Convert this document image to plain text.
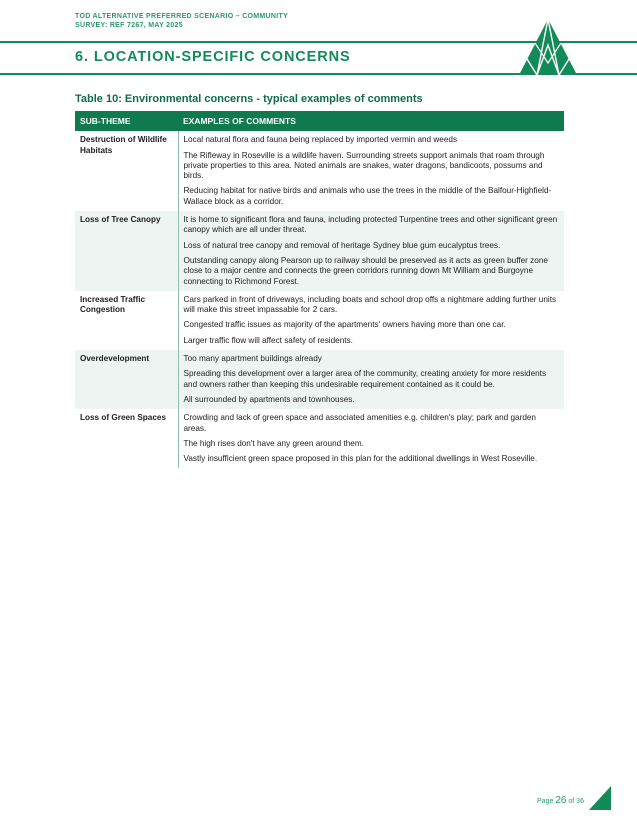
TOD ALTERNATIVE PREFERRED SCENARIO – COMMUNITY
SURVEY: REF 7267, MAY 2025
6. LOCATION-SPECIFIC CONCERNS
Table 10: Environmental concerns - typical examples of comments
SUB-THEME	EXAMPLES OF COMMENTS
Destruction of Wildlife Habitats	Local natural flora and fauna being replaced by imported vermin and weeds

The Rifleway in Roseville is a wildlife haven. Surrounding streets support animals that roam through private properties to this area. Noted animals are snakes, water dragons, bandicoots, possums and birds.

Reducing habitat for native birds and animals who use the trees in the middle of the Balfour-Highfield-Wallace block as a corridor.

Loss of Tree Canopy	It is home to significant flora and fauna, including protected Turpentine trees and other significant green canopy which are all under threat.

Loss of natural tree canopy and removal of heritage Sydney blue gum eucalyptus trees.

Outstanding canopy along Pearson up to railway should be preserved as it acts as green buffer zone close to a major centre and connects the green corridors running down Mt William and Burgoyne connecting to Richmond Forest.

Increased Traffic Congestion	Cars parked in front of driveways, including boats and school drop offs a nightmare adding further units will make this street impassable for 2 cars.

Congested traffic issues as majority of the apartments' owners having more than one car.

Larger traffic flow will affect safety of residents.

Overdevelopment	Too many apartment buildings already

Spreading this development over a larger area of the community, creating anxiety for more residents and owners rather than keeping this undesirable requirement contained as it could be.

All surrounded by apartments and townhouses.

Loss of Green Spaces	Crowding and lack of green space and associated amenities e.g. children's play; park and garden areas.

The high rises don't have any green around them.

Vastly insufficient green space proposed in this plan for the additional dwellings in West Roseville.

Page 26 of 36
